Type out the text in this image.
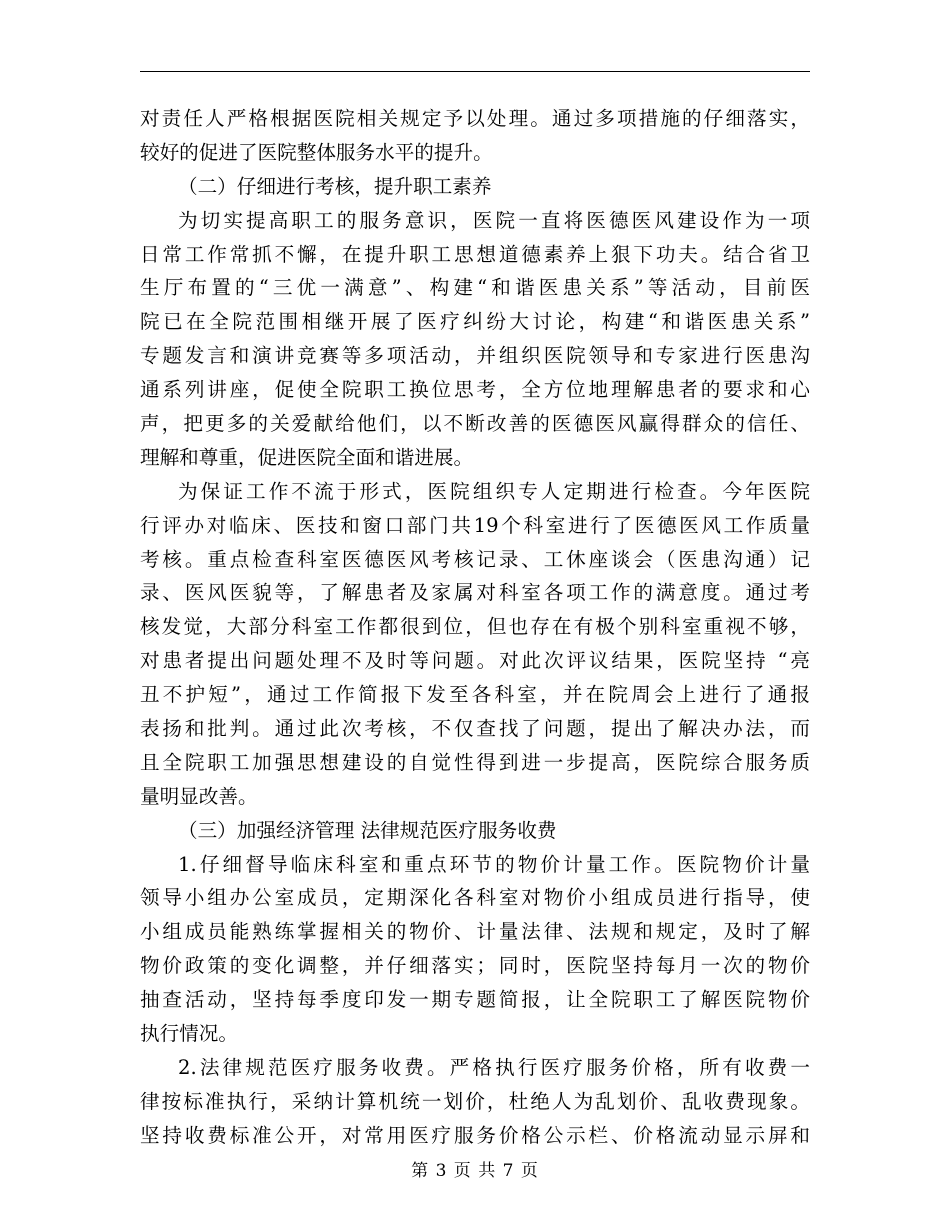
对责任人严格根据医院相关规定予以处理。通过多项措施的仔细落实，
较好的促进了医院整体服务水平的提升。
（二）仔细进行考核，提升职工素养
为切实提高职工的服务意识，医院一直将医德医风建设作为一项
日常工作常抓不懈，在提升职工思想道德素养上狠下功夫。结合省卫
生厅布置的“三优一满意”、构建“和谐医患关系”等活动，目前医
院已在全院范围相继开展了医疗纠纷大讨论，构建“和谐医患关系”
专题发言和演讲竞赛等多项活动，并组织医院领导和专家进行医患沟
通系列讲座，促使全院职工换位思考，全方位地理解患者的要求和心
声，把更多的关爱献给他们，以不断改善的医德医风赢得群众的信任、
理解和尊重，促进医院全面和谐进展。
为保证工作不流于形式，医院组织专人定期进行检查。今年医院
行评办对临床、医技和窗口部门共19个科室进行了医德医风工作质量
考核。重点检查科室医德医风考核记录、工休座谈会（医患沟通）记
录、医风医貌等，了解患者及家属对科室各项工作的满意度。通过考
核发觉，大部分科室工作都很到位，但也存在有极个别科室重视不够，
对患者提出问题处理不及时等问题。对此次评议结果，医院坚持 “亮
丑不护短”，通过工作简报下发至各科室，并在院周会上进行了通报
表扬和批判。通过此次考核，不仅查找了问题，提出了解决办法，而
且全院职工加强思想建设的自觉性得到进一步提高，医院综合服务质
量明显改善。
（三）加强经济管理 法律规范医疗服务收费
1.仔细督导临床科室和重点环节的物价计量工作。医院物价计量
领导小组办公室成员，定期深化各科室对物价小组成员进行指导，使
小组成员能熟练掌握相关的物价、计量法律、法规和规定，及时了解
物价政策的变化调整，并仔细落实；同时，医院坚持每月一次的物价
抽查活动，坚持每季度印发一期专题简报，让全院职工了解医院物价
执行情况。
2.法律规范医疗服务收费。严格执行医疗服务价格，所有收费一
律按标准执行，采纳计算机统一划价，杜绝人为乱划价、乱收费现象。
坚持收费标准公开，对常用医疗服务价格公示栏、价格流动显示屏和
第 3 页 共 7 页
